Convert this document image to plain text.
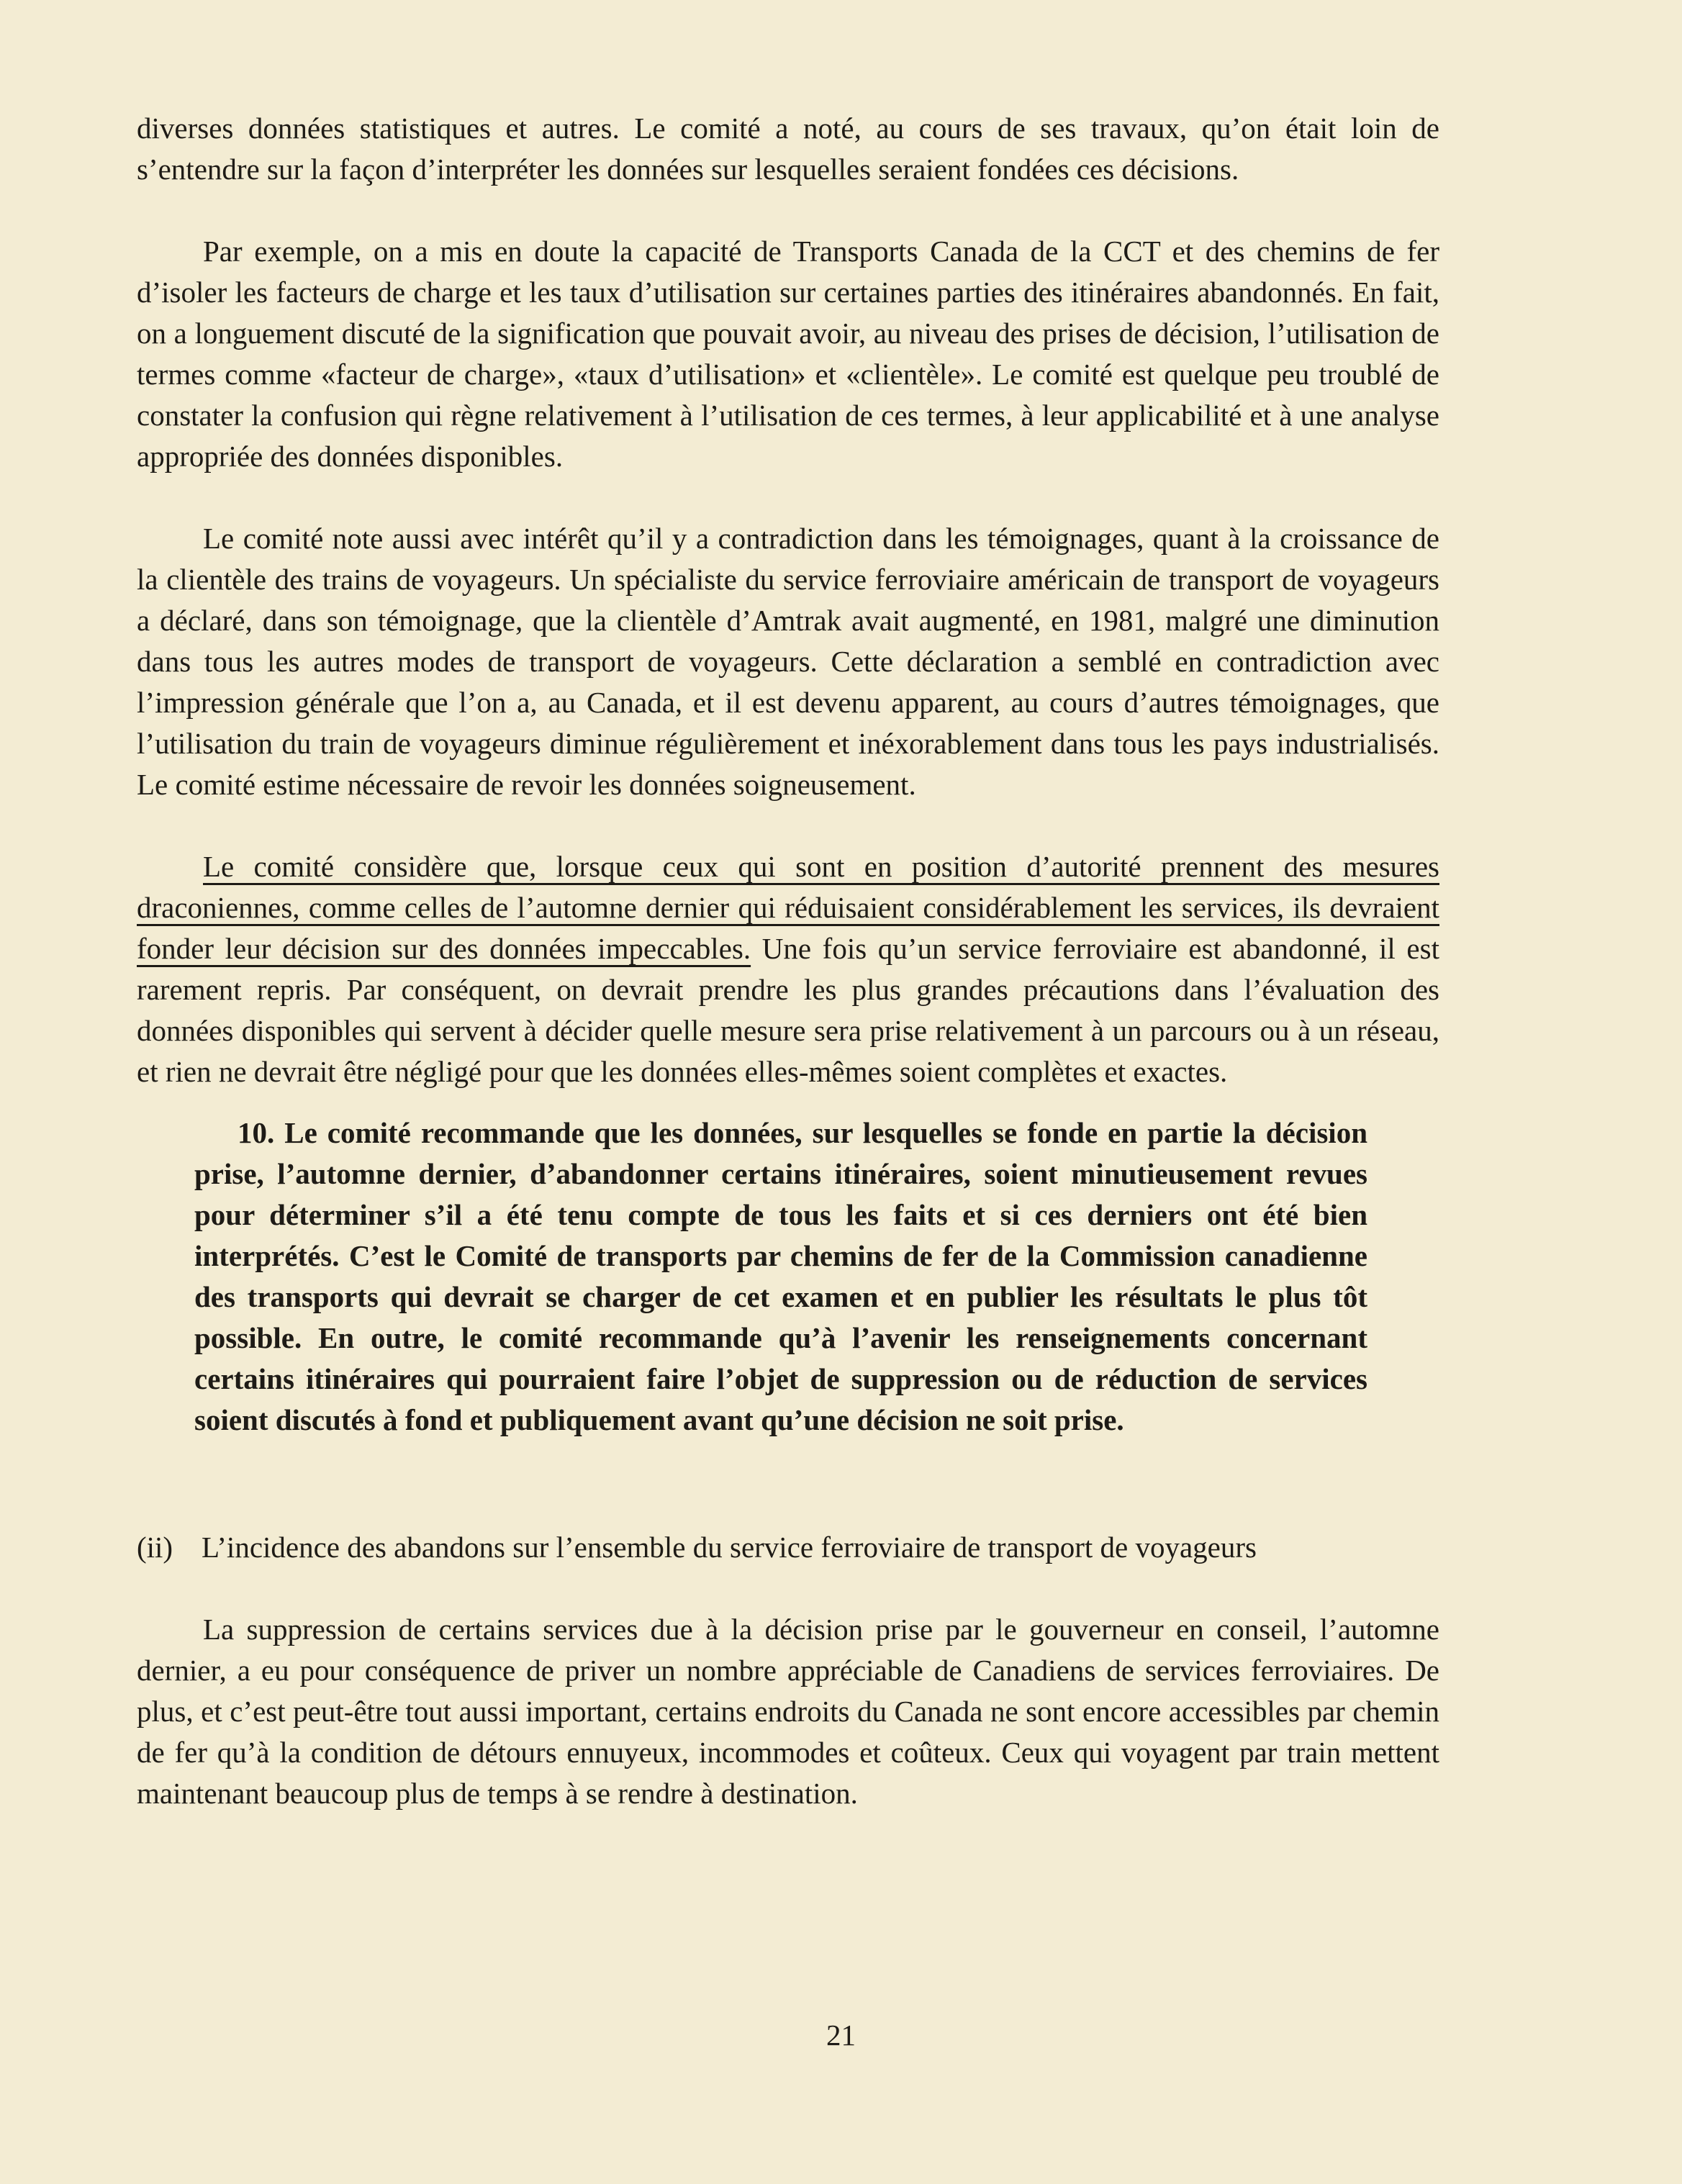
diverses données statistiques et autres. Le comité a noté, au cours de ses travaux, qu’on était loin de s’entendre sur la façon d’interpréter les données sur lesquelles seraient fondées ces décisions.

Par exemple, on a mis en doute la capacité de Transports Canada de la CCT et des chemins de fer d’isoler les facteurs de charge et les taux d’utilisation sur certaines parties des itinéraires abandonnés. En fait, on a longuement discuté de la signification que pouvait avoir, au niveau des prises de décision, l’utilisation de termes comme «facteur de charge», «taux d’utilisation» et «clientèle». Le comité est quelque peu troublé de constater la confusion qui règne relativement à l’utilisation de ces termes, à leur applicabilité et à une analyse appropriée des données disponibles.

Le comité note aussi avec intérêt qu’il y a contradiction dans les témoignages, quant à la croissance de la clientèle des trains de voyageurs. Un spécialiste du service ferroviaire américain de transport de voyageurs a déclaré, dans son témoignage, que la clientèle d’Amtrak avait augmenté, en 1981, malgré une diminution dans tous les autres modes de transport de voyageurs. Cette déclaration a semblé en contradiction avec l’impression générale que l’on a, au Canada, et il est devenu apparent, au cours d’autres témoignages, que l’utilisation du train de voyageurs diminue régulièrement et inéxorablement dans tous les pays industrialisés. Le comité estime nécessaire de revoir les données soigneusement.

Le comité considère que, lorsque ceux qui sont en position d’autorité prennent des mesures draconiennes, comme celles de l’automne dernier qui réduisaient considérablement les services, ils devraient fonder leur décision sur des données impeccables. Une fois qu’un service ferroviaire est abandonné, il est rarement repris. Par conséquent, on devrait prendre les plus grandes précautions dans l’évaluation des données disponibles qui servent à décider quelle mesure sera prise relativement à un parcours ou à un réseau, et rien ne devrait être négligé pour que les données elles-mêmes soient complètes et exactes.

10. Le comité recommande que les données, sur lesquelles se fonde en partie la décision prise, l’automne dernier, d’abandonner certains itinéraires, soient minutieusement revues pour déterminer s’il a été tenu compte de tous les faits et si ces derniers ont été bien interprétés. C’est le Comité de transports par chemins de fer de la Commission canadienne des transports qui devrait se charger de cet examen et en publier les résultats le plus tôt possible. En outre, le comité recommande qu’à l’avenir les renseignements concernant certains itinéraires qui pourraient faire l’objet de suppression ou de réduction de services soient discutés à fond et publiquement avant qu’une décision ne soit prise.

(ii) L’incidence des abandons sur l’ensemble du service ferroviaire de transport de voyageurs

La suppression de certains services due à la décision prise par le gouverneur en conseil, l’automne dernier, a eu pour conséquence de priver un nombre appréciable de Canadiens de services ferroviaires. De plus, et c’est peut-être tout aussi important, certains endroits du Canada ne sont encore accessibles par chemin de fer qu’à la condition de détours ennuyeux, incommodes et coûteux. Ceux qui voyagent par train mettent maintenant beaucoup plus de temps à se rendre à destination.

21
